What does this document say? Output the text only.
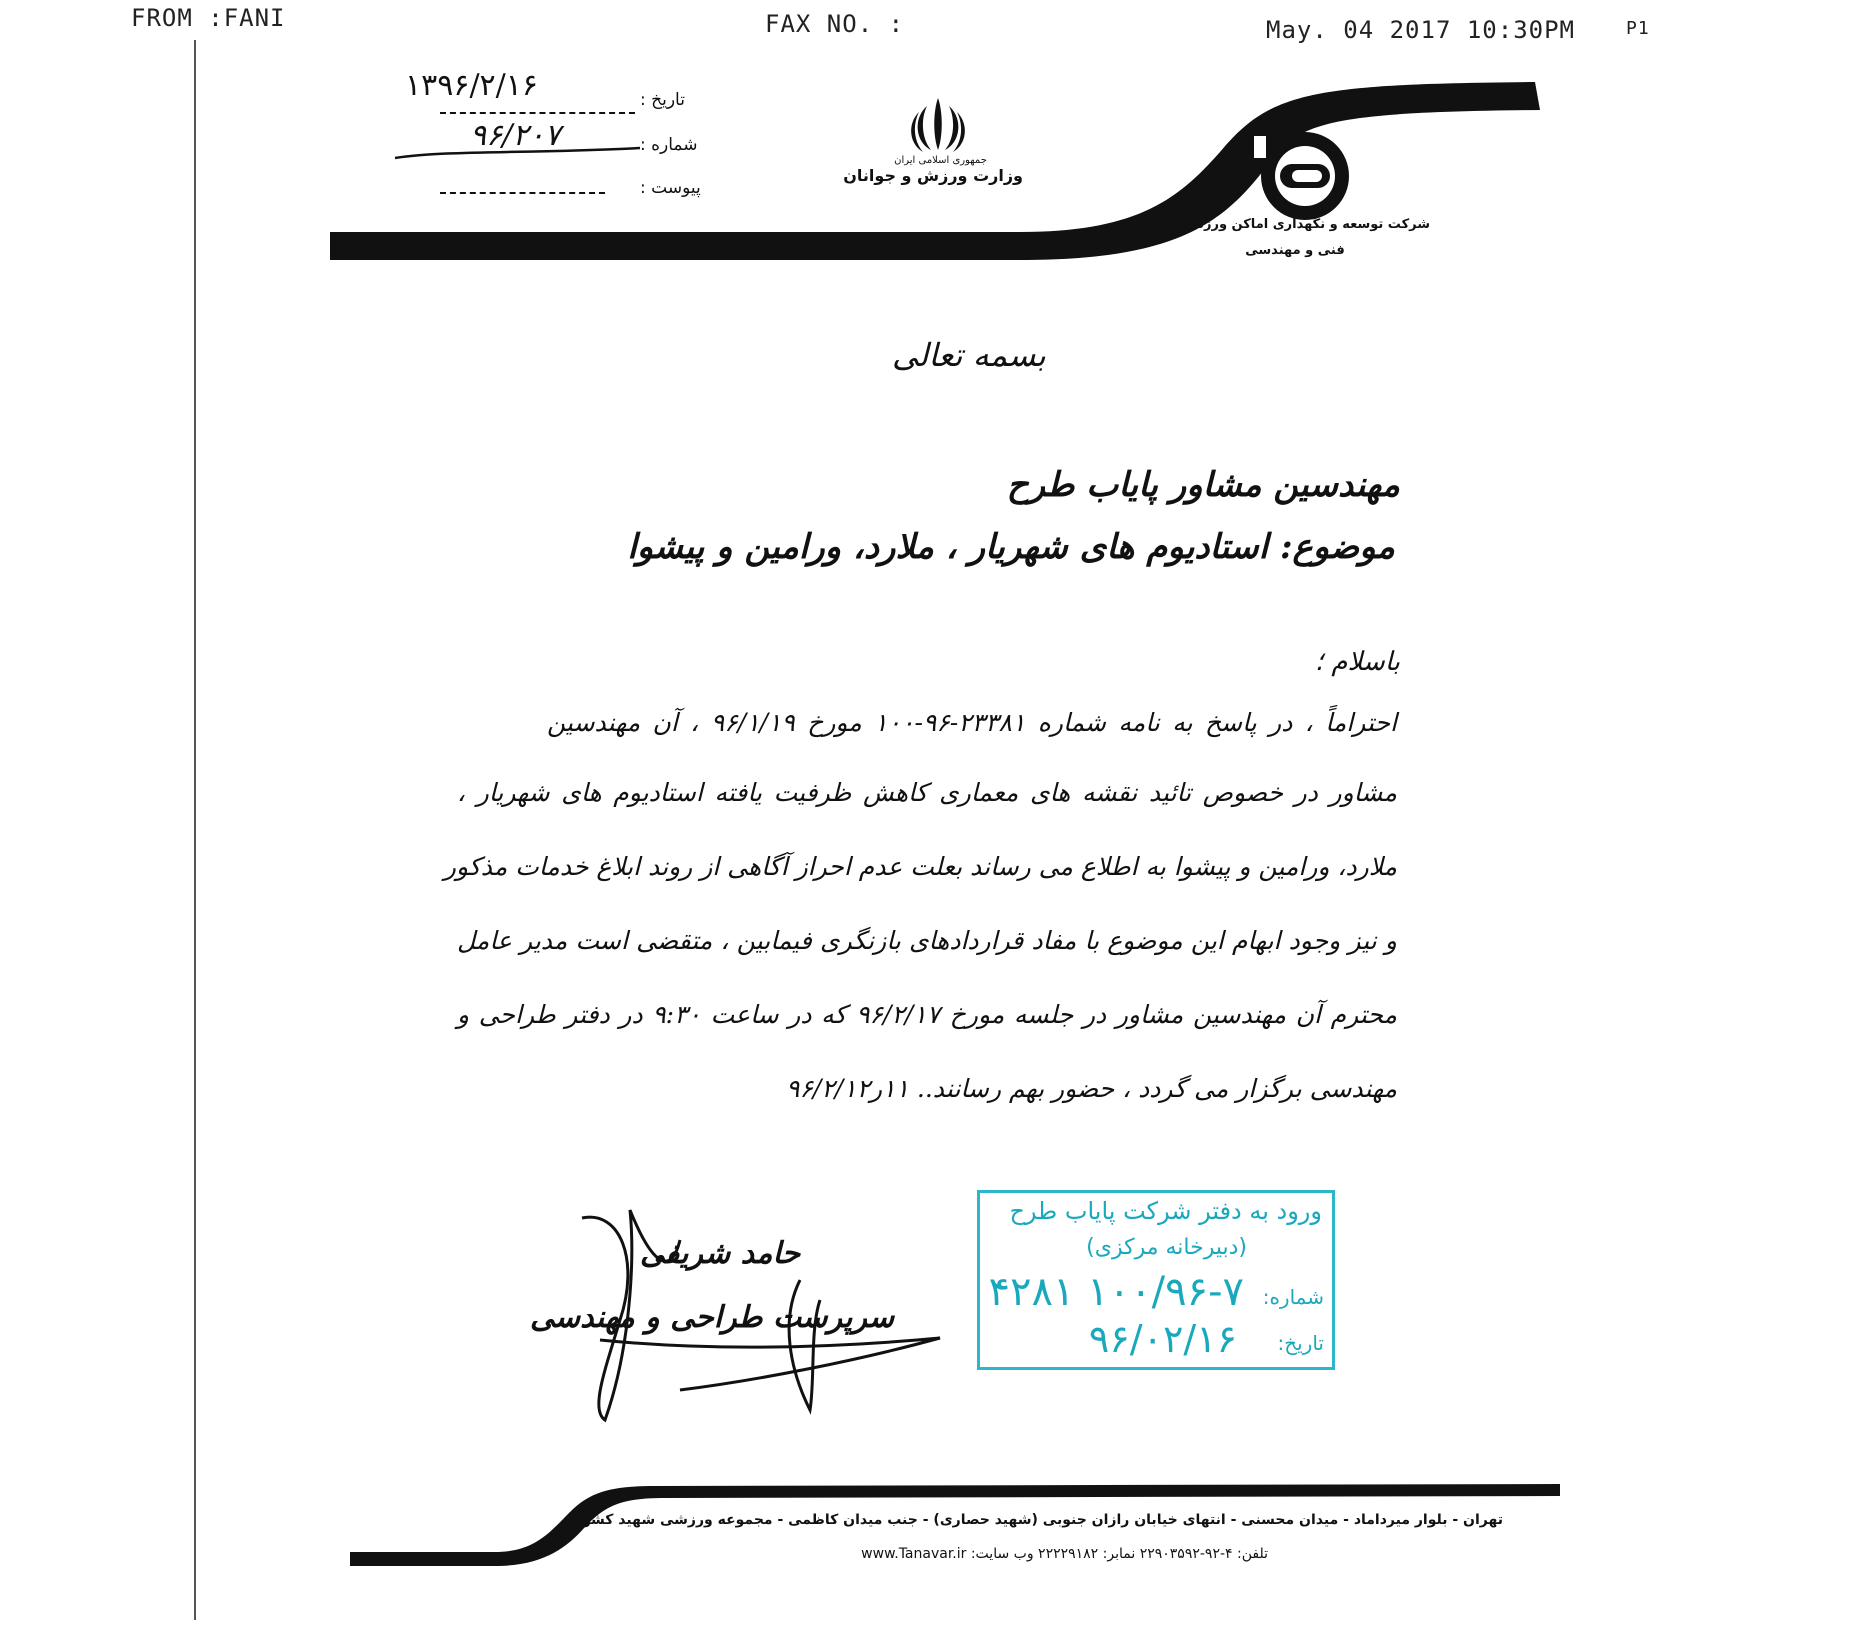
FROM :FANI	FAX NO. :	May. 04 2017 10:30PM	P1
تاریخ :
۱۳۹۶/۲/۱۶
شماره :
۹۶/۲۰۷
پیوست :
جمهوری اسلامی ایران
وزارت ورزش و جوانان
شرکت توسعه و نگهداری اماکن ورزشی کشور
فنی و مهندسی
بسمه تعالی
مهندسین مشاور پایاب طرح
موضوع: استادیوم های شهریار ، ملارد، ورامین و پیشوا
باسلام ؛
احتراماً ، در پاسخ به نامه شماره ۲۳۳۸۱-۹۶-۱۰۰ مورخ ۹۶/۱/۱۹ ، آن مهندسین
مشاور در خصوص تائید نقشه های معماری کاهش ظرفیت یافته استادیوم های شهریار ،
ملارد، ورامین و پیشوا به اطلاع می رساند بعلت عدم احراز آگاهی از روند ابلاغ خدمات مذکور
و نیز وجود ابهام این موضوع با مفاد قراردادهای بازنگری فیمابین ، متقضی است مدیر عامل
محترم آن مهندسین مشاور در جلسه مورخ ۹۶/۲/۱۷ که در ساعت ۹:۳۰ در دفتر طراحی و
مهندسی برگزار می گردد ، حضور بهم رسانند.. ۱۱ر۹۶/۲/۱۲
حامد شریفی
سرپرست طراحی و مهندسی
ورود به دفتر شرکت پایاب طرح
(دبیرخانه مرکزی)
شماره:
۱۰۰/۹۶-۷ ۴۲۸۱
تاریخ:
۹۶/۰۲/۱۶
تهران - بلوار میرداماد - میدان محسنی - انتهای خیابان رازان جنوبی (شهید حصاری) - جنب میدان کاظمی - مجموعه ورزشی شهید کشوری
تلفن: ۴-۹۲-۲۲۹۰۳۵۹۲ نمابر: ۲۲۲۲۹۱۸۲ وب سایت: www.Tanavar.ir
